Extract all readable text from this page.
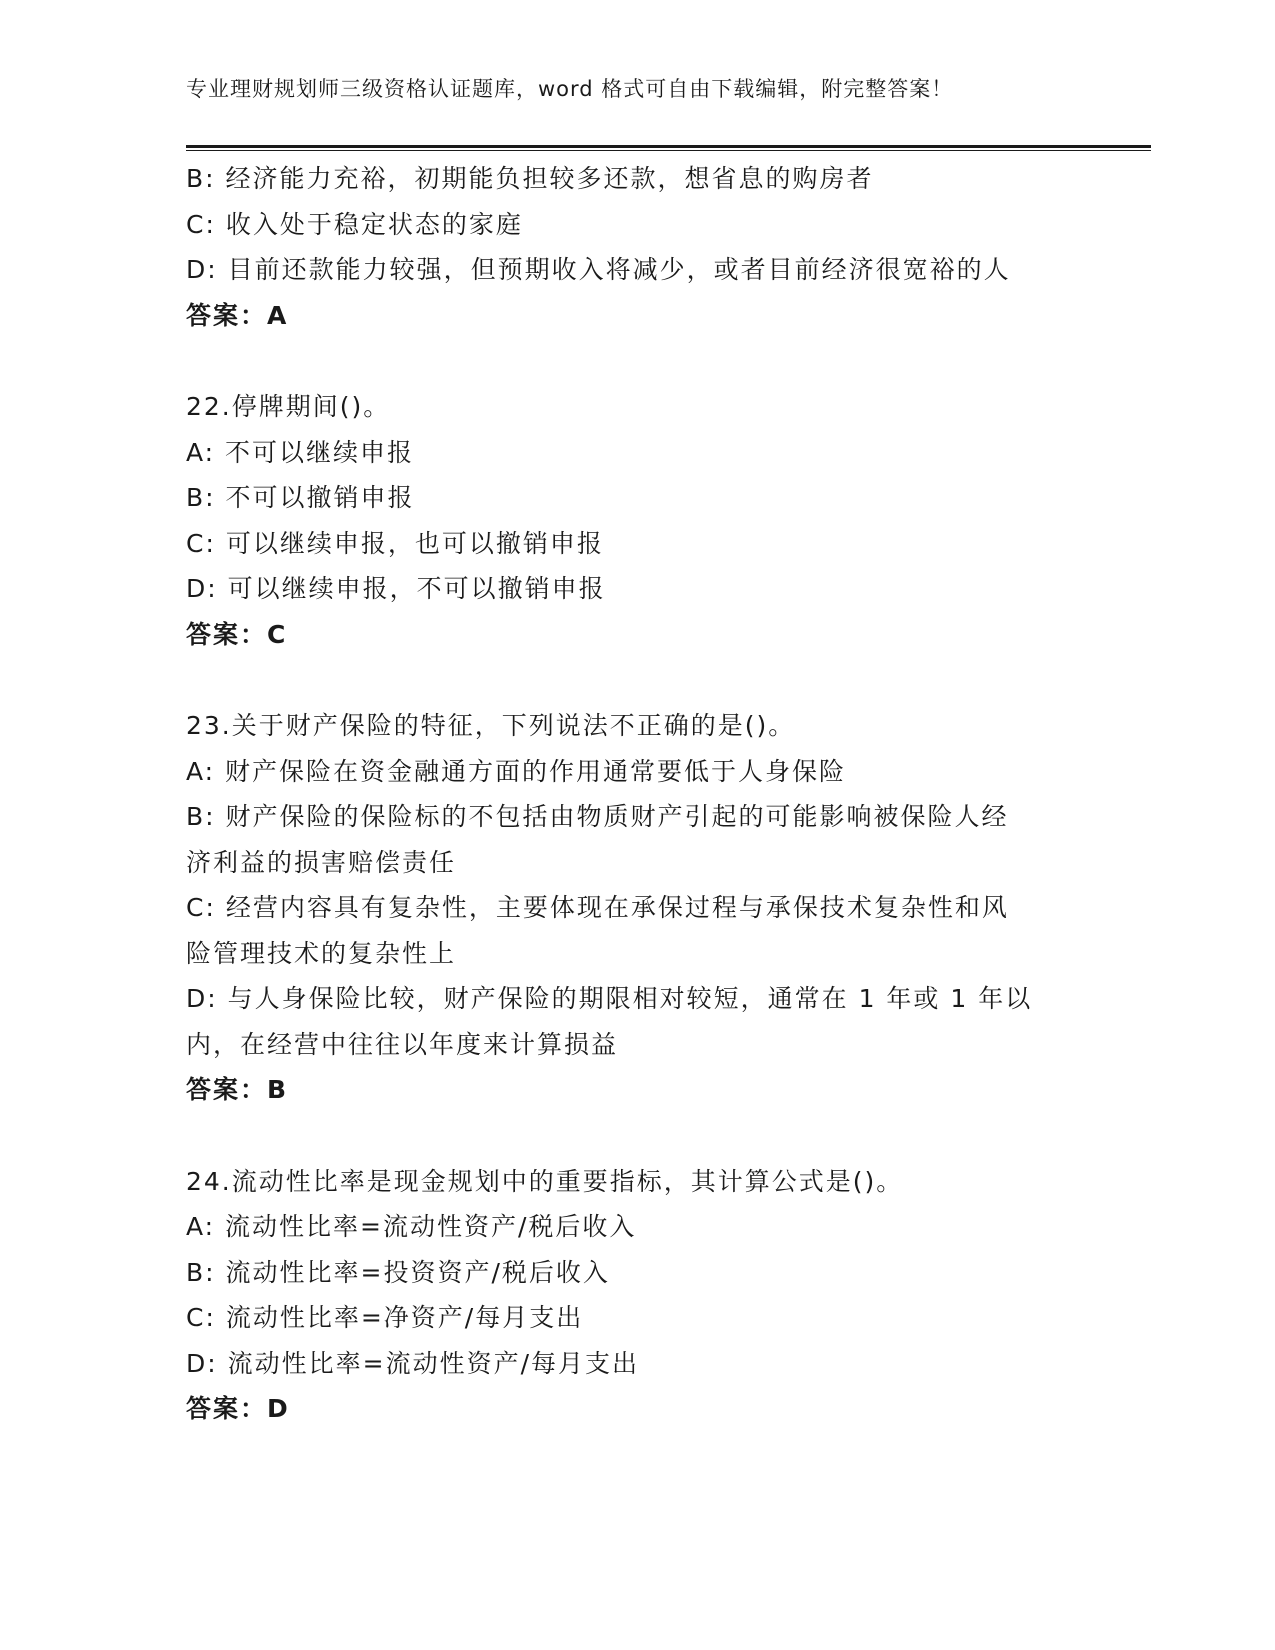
专业理财规划师三级资格认证题库，word 格式可自由下载编辑，附完整答案！
B: 经济能力充裕，初期能负担较多还款，想省息的购房者
C: 收入处于稳定状态的家庭
D: 目前还款能力较强，但预期收入将减少，或者目前经济很宽裕的人
答案：A
22.停牌期间()。
A: 不可以继续申报
B: 不可以撤销申报
C: 可以继续申报，也可以撤销申报
D: 可以继续申报，不可以撤销申报
答案：C
23.关于财产保险的特征，下列说法不正确的是()。
A: 财产保险在资金融通方面的作用通常要低于人身保险
B: 财产保险的保险标的不包括由物质财产引起的可能影响被保险人经
济利益的损害赔偿责任
C: 经营内容具有复杂性，主要体现在承保过程与承保技术复杂性和风
险管理技术的复杂性上
D: 与人身保险比较，财产保险的期限相对较短，通常在 1 年或 1 年以
内，在经营中往往以年度来计算损益
答案：B
24.流动性比率是现金规划中的重要指标，其计算公式是()。
A: 流动性比率=流动性资产/税后收入
B: 流动性比率=投资资产/税后收入
C: 流动性比率=净资产/每月支出
D: 流动性比率=流动性资产/每月支出
答案：D
